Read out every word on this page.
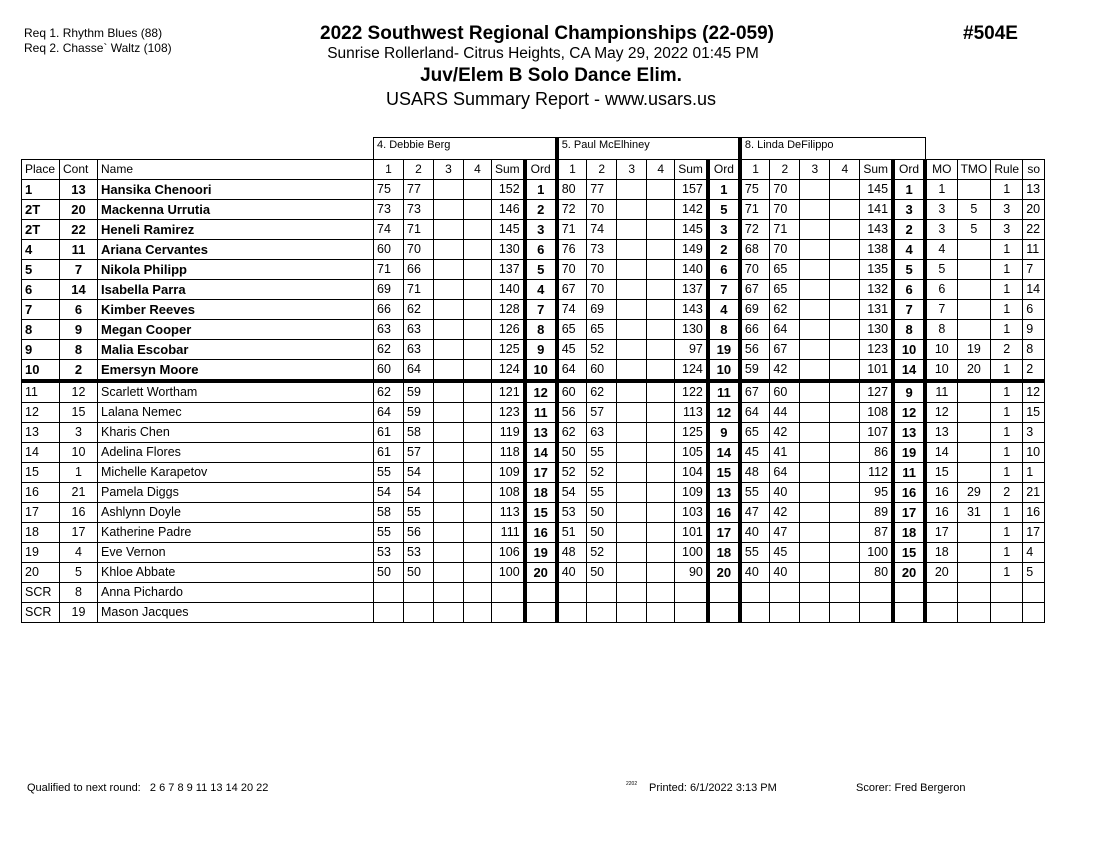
Req 1. Rhythm Blues (88)
Req 2. Chasse` Waltz (108)
2022 Southwest Regional Championships (22-059)
Sunrise Rollerland- Citrus Heights, CA May 29, 2022 01:45 PM
Juv/Elem B Solo Dance Elim.
USARS Summary Report - www.usars.us
#504E
			4. Debbie Berg						5. Paul McElhiney						8. Linda DeFilippo									
Place	Cont	Name	1	2	3	4	Sum	Ord	1	2	3	4	Sum	Ord	1	2	3	4	Sum	Ord	MO	TMO	Rule	so
1	13	Hansika Chenoori	75	77			152	1	80	77			157	1	75	70			145	1	1		1	13
2T	20	Mackenna Urrutia	73	73			146	2	72	70			142	5	71	70			141	3	3	5	3	20
2T	22	Heneli Ramirez	74	71			145	3	71	74			145	3	72	71			143	2	3	5	3	22
4	11	Ariana Cervantes	60	70			130	6	76	73			149	2	68	70			138	4	4		1	11
5	7	Nikola Philipp	71	66			137	5	70	70			140	6	70	65			135	5	5		1	7
6	14	Isabella Parra	69	71			140	4	67	70			137	7	67	65			132	6	6		1	14
7	6	Kimber Reeves	66	62			128	7	74	69			143	4	69	62			131	7	7		1	6
8	9	Megan Cooper	63	63			126	8	65	65			130	8	66	64			130	8	8		1	9
9	8	Malia Escobar	62	63			125	9	45	52			97	19	56	67			123	10	10	19	2	8
10	2	Emersyn Moore	60	64			124	10	64	60			124	10	59	42			101	14	10	20	1	2
11	12	Scarlett Wortham	62	59			121	12	60	62			122	11	67	60			127	9	11		1	12
12	15	Lalana Nemec	64	59			123	11	56	57			113	12	64	44			108	12	12		1	15
13	3	Kharis Chen	61	58			119	13	62	63			125	9	65	42			107	13	13		1	3
14	10	Adelina Flores	61	57			118	14	50	55			105	14	45	41			86	19	14		1	10
15	1	Michelle Karapetov	55	54			109	17	52	52			104	15	48	64			112	11	15		1	1
16	21	Pamela Diggs	54	54			108	18	54	55			109	13	55	40			95	16	16	29	2	21
17	16	Ashlynn Doyle	58	55			113	15	53	50			103	16	47	42			89	17	16	31	1	16
18	17	Katherine Padre	55	56			111	16	51	50			101	17	40	47			87	18	17		1	17
19	4	Eve Vernon	53	53			106	19	48	52			100	18	55	45			100	15	18		1	4
20	5	Khloe Abbate	50	50			100	20	40	50			90	20	40	40			80	20	20		1	5
SCR	8	Anna Pichardo																						
SCR	19	Mason Jacques																						
Qualified to next round: 2 6 7 8 9 11 13 14 20 22	2202 Printed: 6/1/2022 3:13 PM	Scorer: Fred Bergeron
